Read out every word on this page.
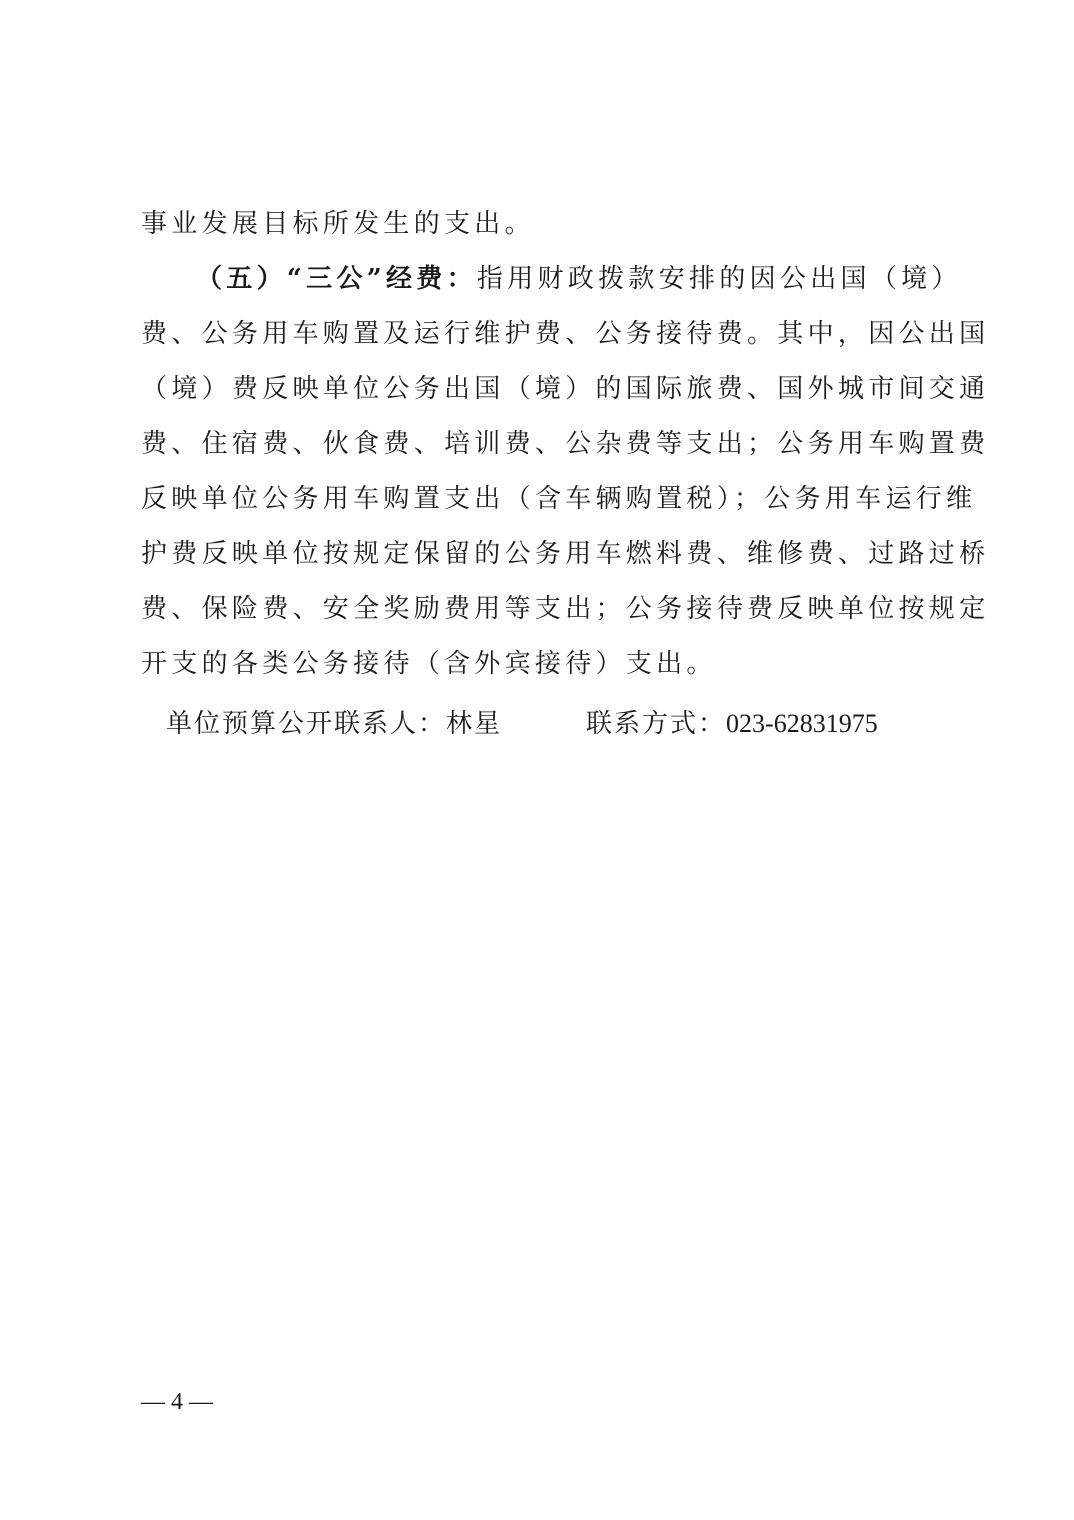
事业发展目标所发生的支出。
（五）“三公”经费：指用财政拨款安排的因公出国（境）
费、公务用车购置及运行维护费、公务接待费。其中，因公出国
（境）费反映单位公务出国（境）的国际旅费、国外城市间交通
费、住宿费、伙食费、培训费、公杂费等支出；公务用车购置费
反映单位公务用车购置支出（含车辆购置税）；公务用车运行维
护费反映单位按规定保留的公务用车燃料费、维修费、过路过桥
费、保险费、安全奖励费用等支出；公务接待费反映单位按规定
开支的各类公务接待（含外宾接待）支出。
单位预算公开联系人：林星	联系方式：023-62831975
— 4 —
